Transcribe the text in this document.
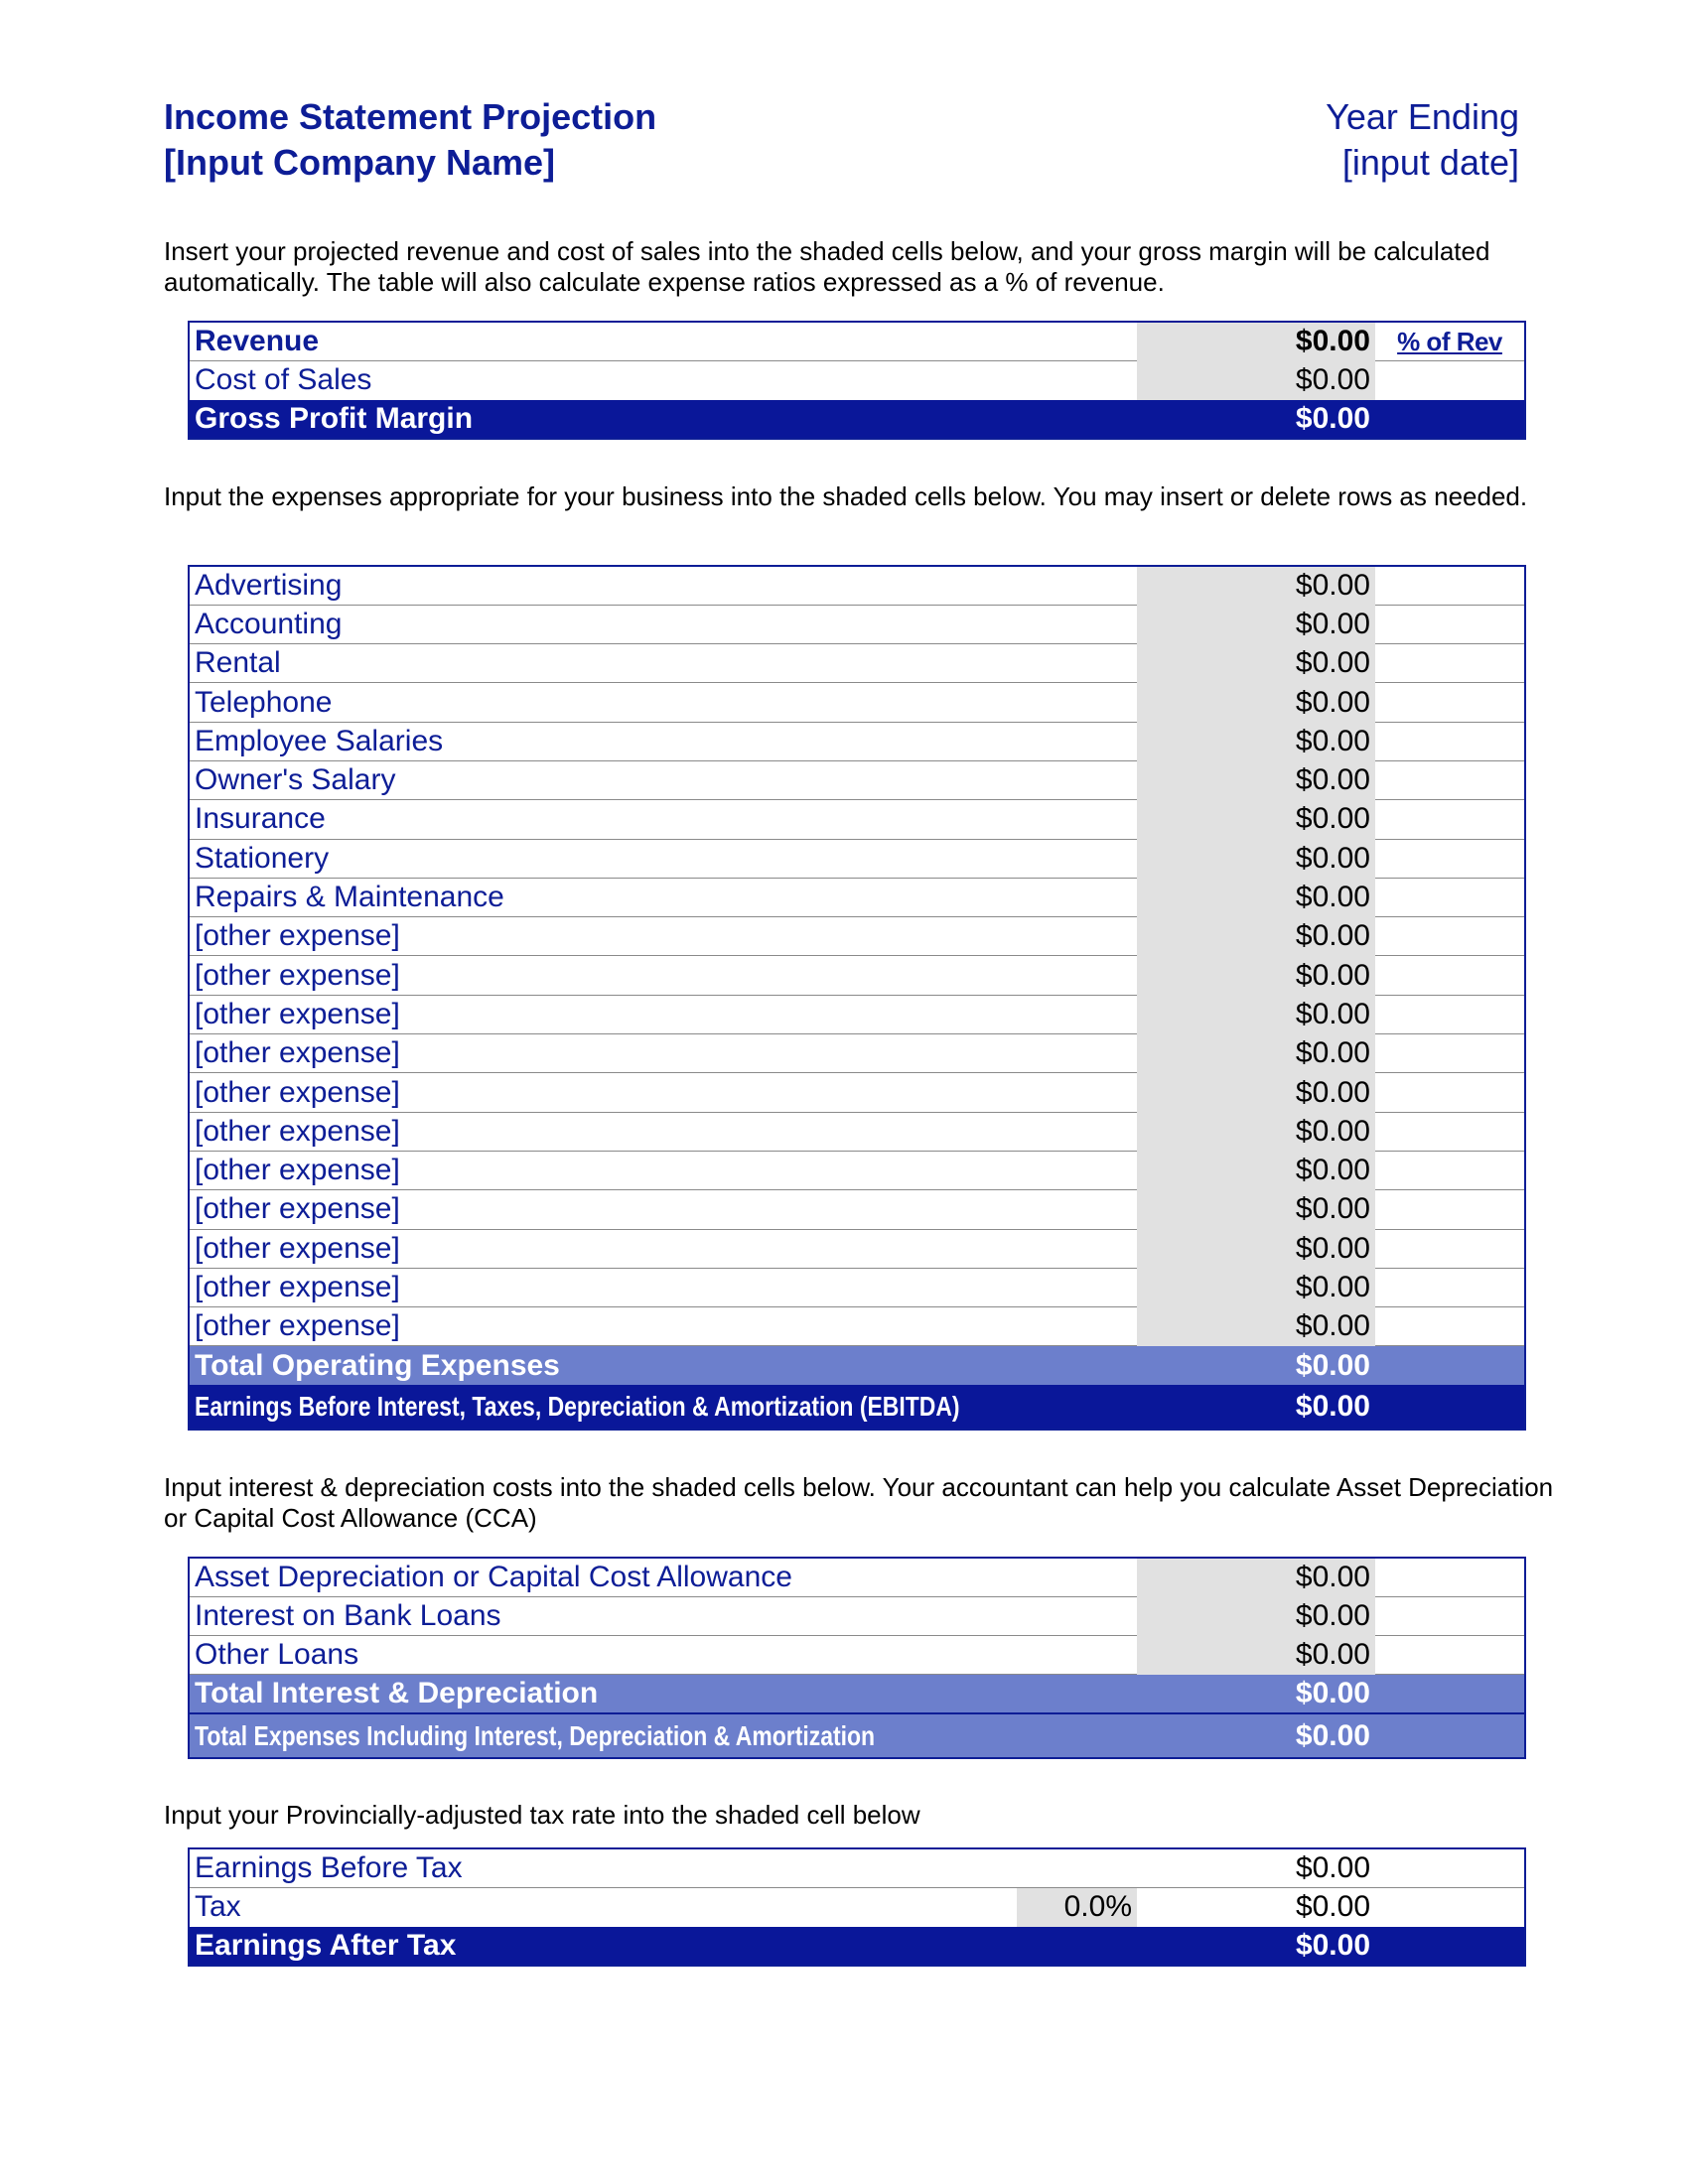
Income Statement Projection
[Input Company Name]
Year Ending
[input date]
Insert your projected revenue and cost of sales into the shaded cells below, and your gross margin will be calculated automatically. The table will also calculate expense ratios expressed as a % of revenue.
Revenue	$0.00	% of Rev
Cost of Sales	$0.00	
Gross Profit Margin	$0.00	
Input the expenses appropriate for your business into the shaded cells below. You may insert or delete rows as needed.
Advertising	$0.00	
Accounting	$0.00	
Rental	$0.00	
Telephone	$0.00	
Employee Salaries	$0.00	
Owner's Salary	$0.00	
Insurance	$0.00	
Stationery	$0.00	
Repairs & Maintenance	$0.00	
[other expense]	$0.00	
[other expense]	$0.00	
[other expense]	$0.00	
[other expense]	$0.00	
[other expense]	$0.00	
[other expense]	$0.00	
[other expense]	$0.00	
[other expense]	$0.00	
[other expense]	$0.00	
[other expense]	$0.00	
[other expense]	$0.00	
Total Operating Expenses	$0.00	
Earnings Before Interest, Taxes, Depreciation & Amortization (EBITDA)	$0.00	
Input interest & depreciation costs into the shaded cells below. Your accountant can help you calculate Asset Depreciation or Capital Cost Allowance (CCA)
Asset Depreciation or Capital Cost Allowance	$0.00	
Interest on Bank Loans	$0.00	
Other Loans	$0.00	
Total Interest & Depreciation	$0.00	
Total Expenses Including Interest, Depreciation & Amortization	$0.00	
Input your Provincially-adjusted tax rate into the shaded cell below
Earnings Before Tax		$0.00	
Tax	0.0%	$0.00	
Earnings After Tax		$0.00	
